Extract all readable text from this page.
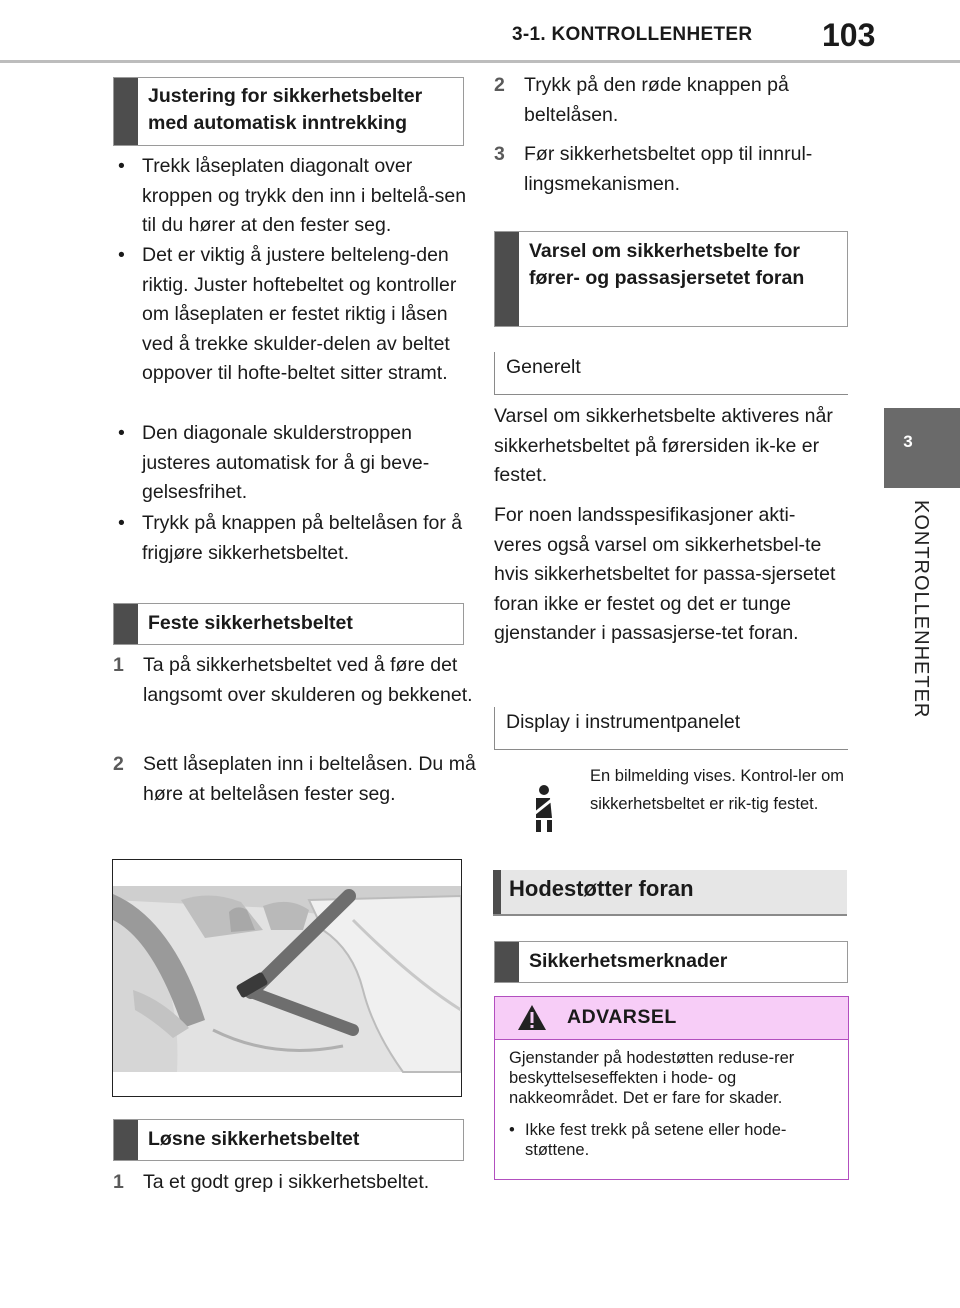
3-1. KONTROLLENHETER 103
3
KONTROLLENHETER
Justering for sikkerhetsbelter med automatisk inntrekking
• Trekk låseplaten diagonalt over kroppen og trykk den inn i beltelå-sen til du hører at den fester seg.
• Det er viktig å justere belteleng-den riktig. Juster hoftebeltet og kontroller om låseplaten er festet riktig i låsen ved å trekke skulder-delen av beltet oppover til hofte-beltet sitter stramt.
• Den diagonale skulderstroppen justeres automatisk for å gi beve-gelsesfrihet.
• Trykk på knappen på beltelåsen for å frigjøre sikkerhetsbeltet.
Feste sikkerhetsbeltet
1 Ta på sikkerhetsbeltet ved å føre det langsomt over skulderen og bekkenet.
2 Sett låseplaten inn i beltelåsen. Du må høre at beltelåsen fester seg.
Løsne sikkerhetsbeltet
1 Ta et godt grep i sikkerhetsbeltet.
2 Trykk på den røde knappen på beltelåsen.
3 Før sikkerhetsbeltet opp til innrul-lingsmekanismen.
Varsel om sikkerhetsbelte for fører- og passasjersetet foran
Generelt
Varsel om sikkerhetsbelte aktiveres når sikkerhetsbeltet på førersiden ik-ke er festet.
For noen landsspesifikasjoner akti-veres også varsel om sikkerhetsbel-te hvis sikkerhetsbeltet for passa-sjersetet foran ikke er festet og det er tunge gjenstander i passasjerse-tet foran.
Display i instrumentpanelet
En bilmelding vises. Kontrol-ler om sikkerhetsbeltet er rik-tig festet.
Hodestøtter foran
Sikkerhetsmerknader
ADVARSEL
Gjenstander på hodestøtten reduse-rer beskyttelseseffekten i hode- og nakkeområdet. Det er fare for skader.
• Ikke fest trekk på setene eller hode-støttene.
